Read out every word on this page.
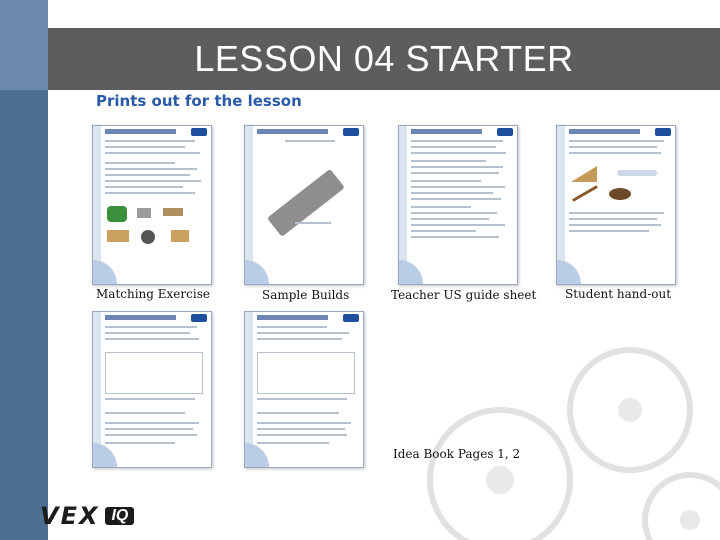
LESSON 04 STARTER
Prints out for the lesson
Matching Exercise	Sample Builds	Teacher US guide sheet Student hand-out
Idea Book Pages 1, 2
VEX IQ
